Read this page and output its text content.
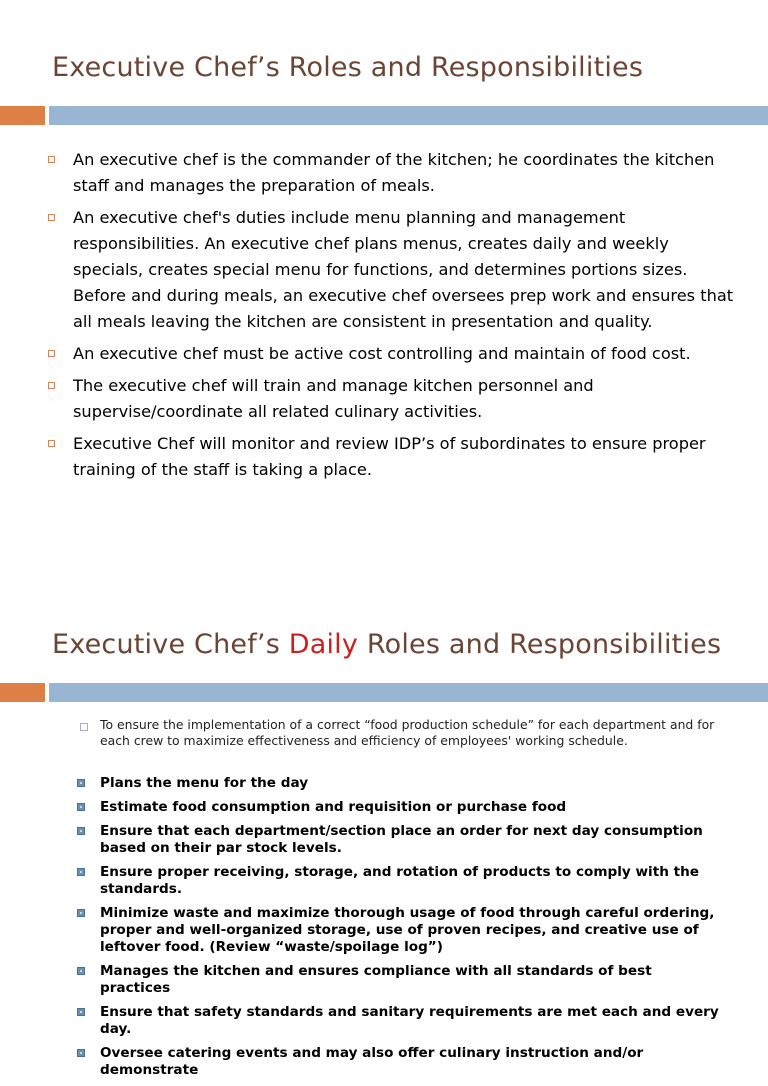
Executive Chef’s Roles and Responsibilities
An executive chef is the commander of the kitchen; he coordinates the kitchen staff and manages the preparation of meals.
An executive chef's duties include menu planning and management responsibilities. An executive chef plans menus, creates daily and weekly specials, creates special menu for functions, and determines portions sizes. Before and during meals, an executive chef oversees prep work and ensures that all meals leaving the kitchen are consistent in presentation and quality.
An executive chef must be active cost controlling and maintain of food cost.
The executive chef will train and manage kitchen personnel and supervise/coordinate all related culinary activities.
Executive Chef will monitor and review IDP’s of subordinates to ensure proper training of the staff is taking a place.
Executive Chef’s Daily Roles and Responsibilities

To ensure the implementation of a correct “food production schedule” for each department and for each crew to maximize effectiveness and efficiency of employees' working schedule.

Plans the menu for the day
Estimate food consumption and requisition or purchase food
Ensure that each department/section place an order for next day consumption based on their par stock levels.
Ensure proper receiving, storage, and rotation of products to comply with the standards.
Minimize waste and maximize thorough usage of food through careful ordering, proper and well-organized storage, use of proven recipes, and creative use of leftover food. (Review “waste/spoilage log”)
Manages the kitchen and ensures compliance with all standards of best practices
Ensure that safety standards and sanitary requirements are met each and every day.
Oversee catering events and may also offer culinary instruction and/or demonstrate
